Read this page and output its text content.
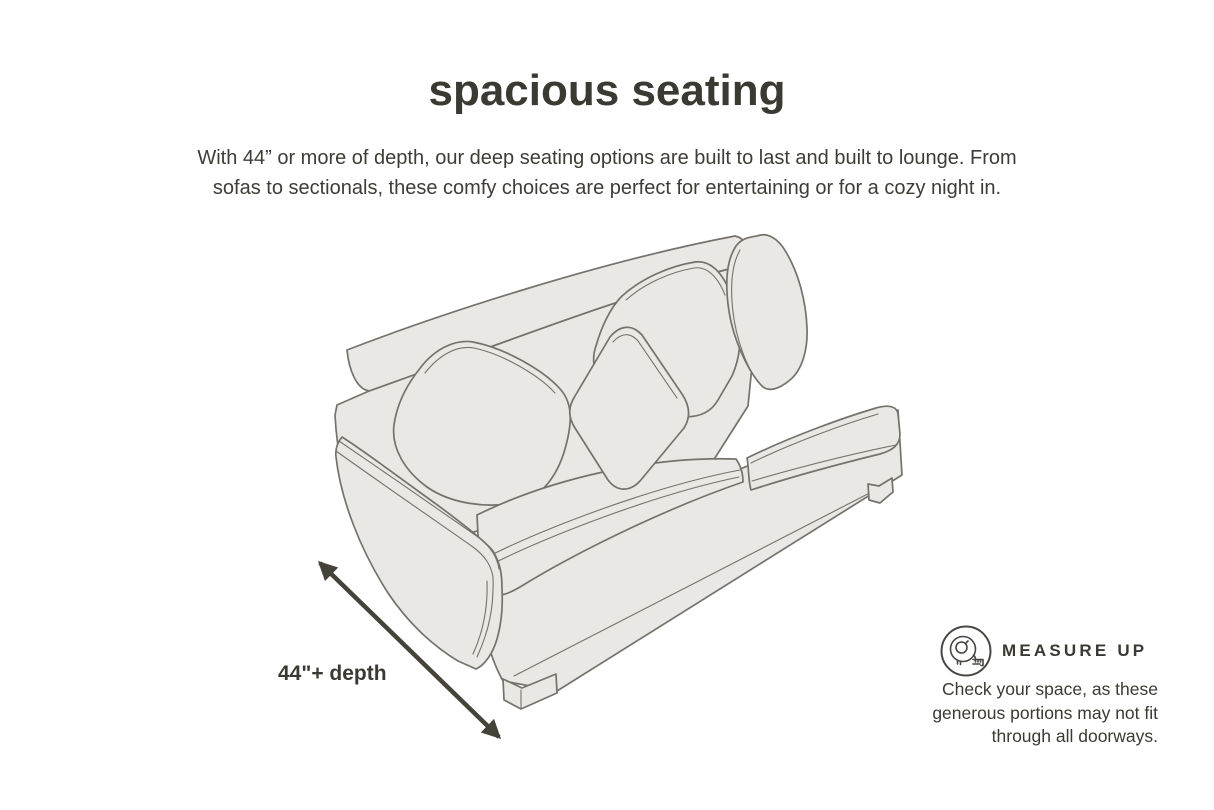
spacious seating

With 44” or more of depth, our deep seating options are built to last and built to lounge. From
sofas to sectionals, these comfy choices are perfect for entertaining or for a cozy night in.

44"+ depth
MEASURE UP

Check your space, as these
generous portions may not fit
through all doorways.
